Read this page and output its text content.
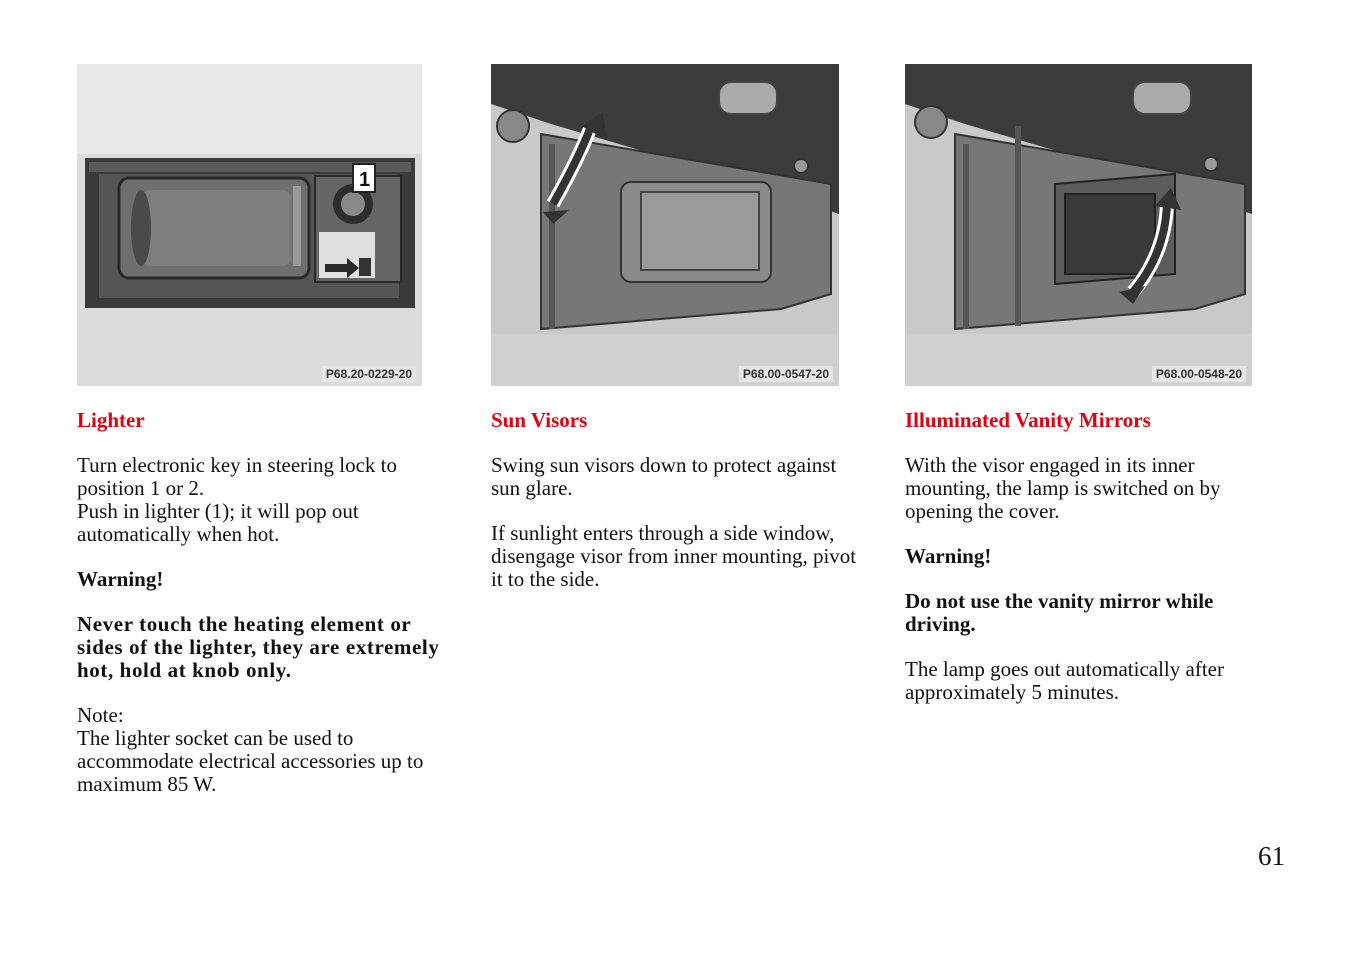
1
P68.20-0229-20
Lighter

Turn electronic key in steering lock to position 1 or 2.

Push in lighter (1); it will pop out automatically when hot.

Warning!

Never touch the heating element or sides of the lighter, they are extremely hot, hold at knob only.

Note:

The lighter socket can be used to accommodate electrical accessories up to maximum 85 W.

P68.00-0547-20
Sun Visors

Swing sun visors down to protect against sun glare.

If sunlight enters through a side window, disengage visor from inner mounting, pivot it to the side.

P68.00-0548-20
Illuminated Vanity Mirrors

With the visor engaged in its inner mounting, the lamp is switched on by opening the cover.

Warning!

Do not use the vanity mirror while driving.

The lamp goes out automatically after approximately 5 minutes.

61
